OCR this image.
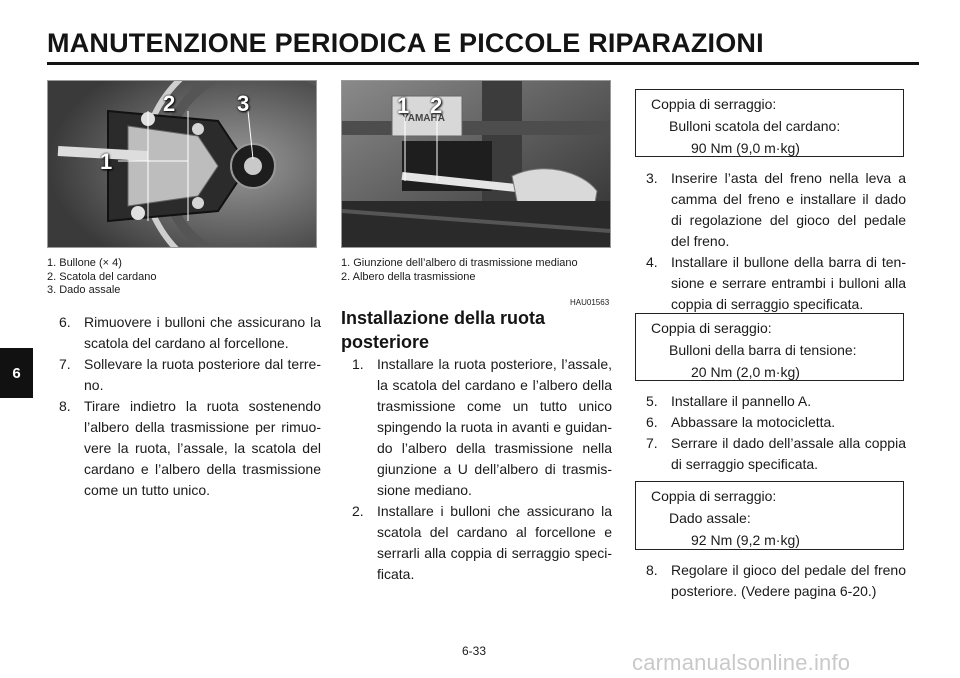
MANUTENZIONE PERIODICA E PICCOLE RIPARAZIONI
6
1
2	3
1. Bullone (× 4)
2. Scatola del cardano
3. Dado assale
6. Rimuovere i bulloni che assicurano la scatola del cardano al forcellone.
7. Sollevare la ruota posteriore dal terreno.
8. Tirare indietro la ruota sostenendo l’albero della trasmissione per rimuovere la ruota, l’assale, la scatola del cardano e l’albero della trasmissione come un tutto unico.
YAMAHA
1 2
1. Giunzione dell’albero di trasmissione mediano
2. Albero della trasmissione
HAU01563
Installazione della ruota
posteriore
1. Installare la ruota posteriore, l’assale, la scatola del cardano e l’albero della trasmissione come un tutto unico spingendo la ruota in avanti e guidando l’albero della trasmissione nella giunzione a U dell’albero di trasmissione mediano.
2. Installare i bulloni che assicurano la scatola del cardano al forcellone e serrarli alla coppia di serraggio specificata.
Coppia di serraggio:
Bulloni scatola del cardano:
90 Nm (9,0 m·kg)
3. Inserire l’asta del freno nella leva a camma del freno e installare il dado di regolazione del gioco del pedale del freno.
4. Installare il bullone della barra di tensione e serrare entrambi i bulloni alla coppia di serraggio specificata.
Coppia di seraggio:
Bulloni della barra di tensione:
20 Nm (2,0 m·kg)
5. Installare il pannello A.
6. Abbassare la motocicletta.
7. Serrare il dado dell’assale alla coppia di serraggio specificata.
Coppia di serraggio:
Dado assale:
92 Nm (9,2 m·kg)
8. Regolare il gioco del pedale del freno posteriore. (Vedere pagina 6-20.)
6-33	carmanualsonline.info
